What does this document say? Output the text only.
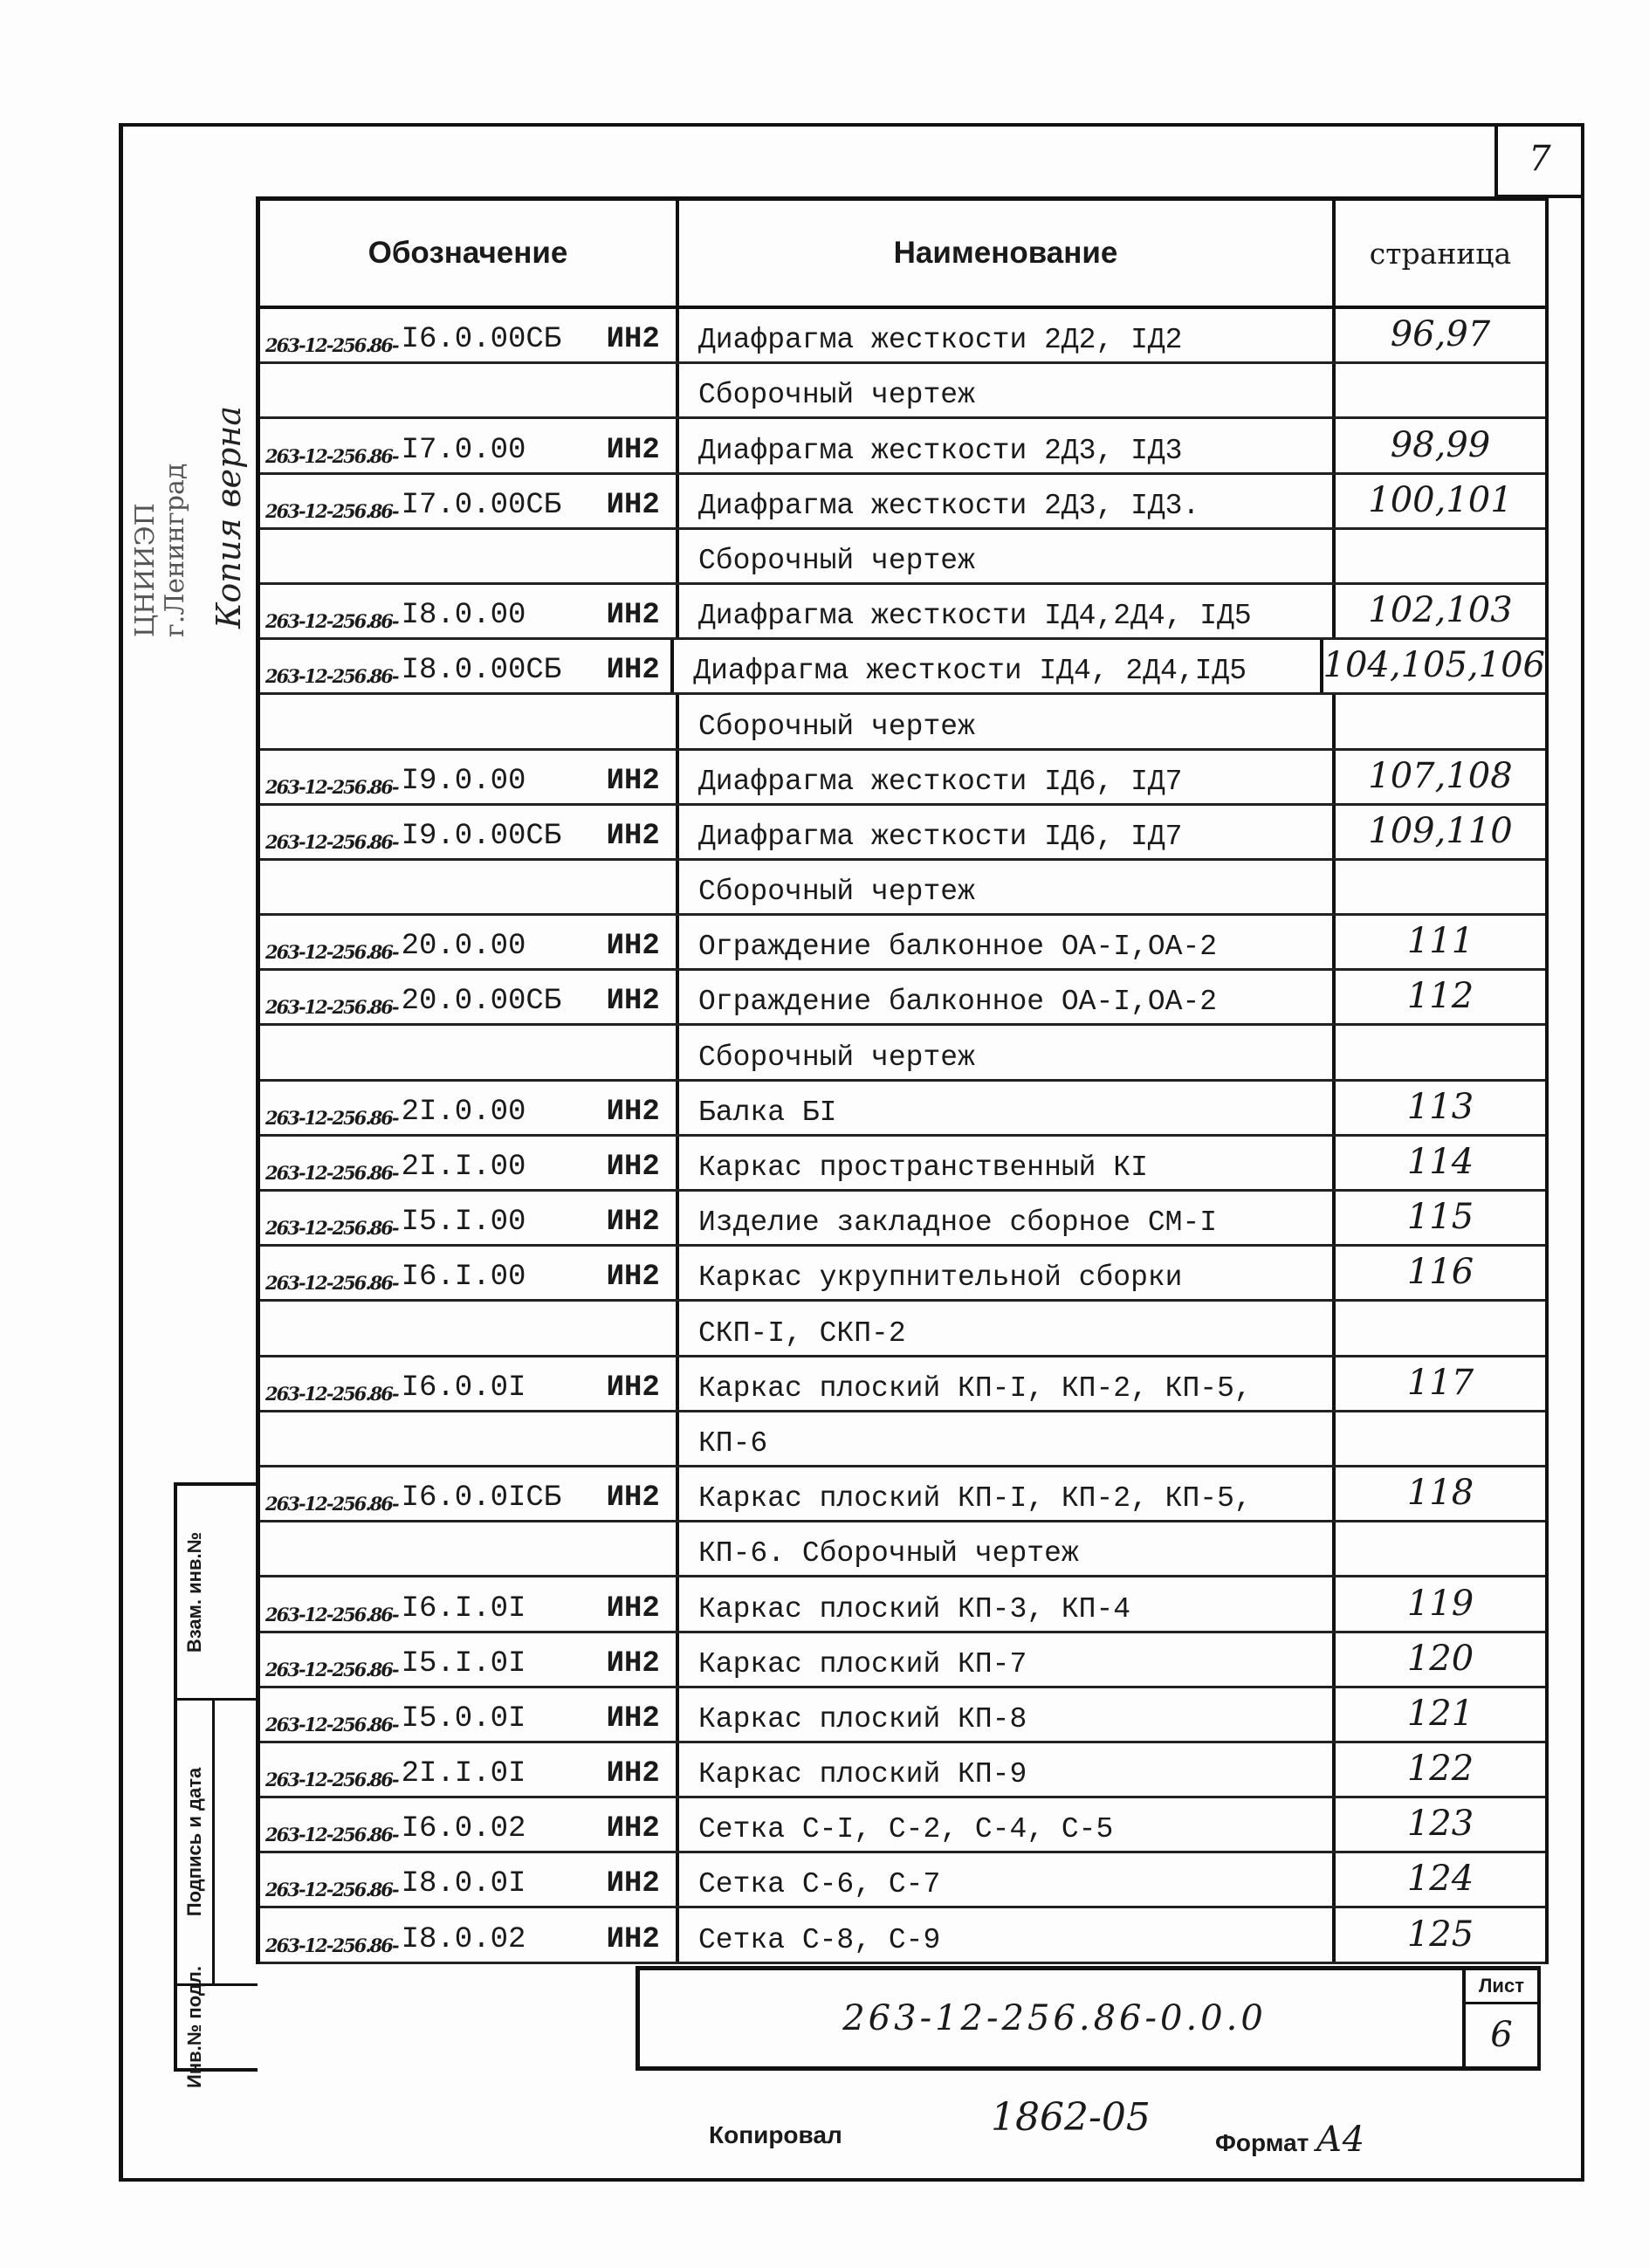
7
ЦНИИЭП г.Ленинград Копия верна
Обозначение	Наименование	страница
263-12-256.86- I6.0.00СБ	ИН2	Диафрагма жесткости 2Д2, IД2	96,97
Сборочный чертеж
263-12-256.86- I7.0.00	ИН2	Диафрагма жесткости 2Д3, IД3	98,99
263-12-256.86- I7.0.00СБ	ИН2	Диафрагма жесткости 2Д3, IД3.	100,101
Сборочный чертеж
263-12-256.86- I8.0.00	ИН2	Диафрагма жесткости IД4,2Д4, IД5	102,103
263-12-256.86- I8.0.00СБ	ИН2	Диафрагма жесткости IД4, 2Д4,IД5	104,105,106
Сборочный чертеж
263-12-256.86- I9.0.00	ИН2	Диафрагма жесткости IД6, IД7	107,108
263-12-256.86- I9.0.00СБ	ИН2	Диафрагма жесткости IД6, IД7	109,110
Сборочный чертеж
263-12-256.86- 20.0.00	ИН2	Ограждение балконное ОА-I,ОА-2	111
263-12-256.86- 20.0.00СБ	ИН2	Ограждение балконное ОА-I,ОА-2	112
Сборочный чертеж
263-12-256.86- 2I.0.00	ИН2	Балка БI	113
263-12-256.86- 2I.I.00	ИН2	Каркас пространственный КI	114
263-12-256.86- I5.I.00	ИН2	Изделие закладное сборное СМ-I	115
263-12-256.86- I6.I.00	ИН2	Каркас укрупнительной сборки	116
СКП-I, СКП-2
263-12-256.86- I6.0.0I	ИН2	Каркас плоский КП-I, КП-2, КП-5,	117
КП-6
263-12-256.86- I6.0.0IСБ	ИН2	Каркас плоский КП-I, КП-2, КП-5,	118
КП-6. Сборочный чертеж
263-12-256.86- I6.I.0I	ИН2	Каркас плоский КП-3, КП-4	119
263-12-256.86- I5.I.0I	ИН2	Каркас плоский КП-7	120
263-12-256.86- I5.0.0I	ИН2	Каркас плоский КП-8	121
263-12-256.86- 2I.I.0I	ИН2	Каркас плоский КП-9	122
263-12-256.86- I6.0.02	ИН2	Сетка С-I, С-2, С-4, С-5	123
263-12-256.86- I8.0.0I	ИН2	Сетка С-6, С-7	124
263-12-256.86- I8.0.02	ИН2	Сетка С-8, С-9	125
Взам. инв.№
Подпись и дата
Инв.№ подл.	263-12-256.86-0.0.0
Лист
6
Копировал	1862-05
Формат А4
